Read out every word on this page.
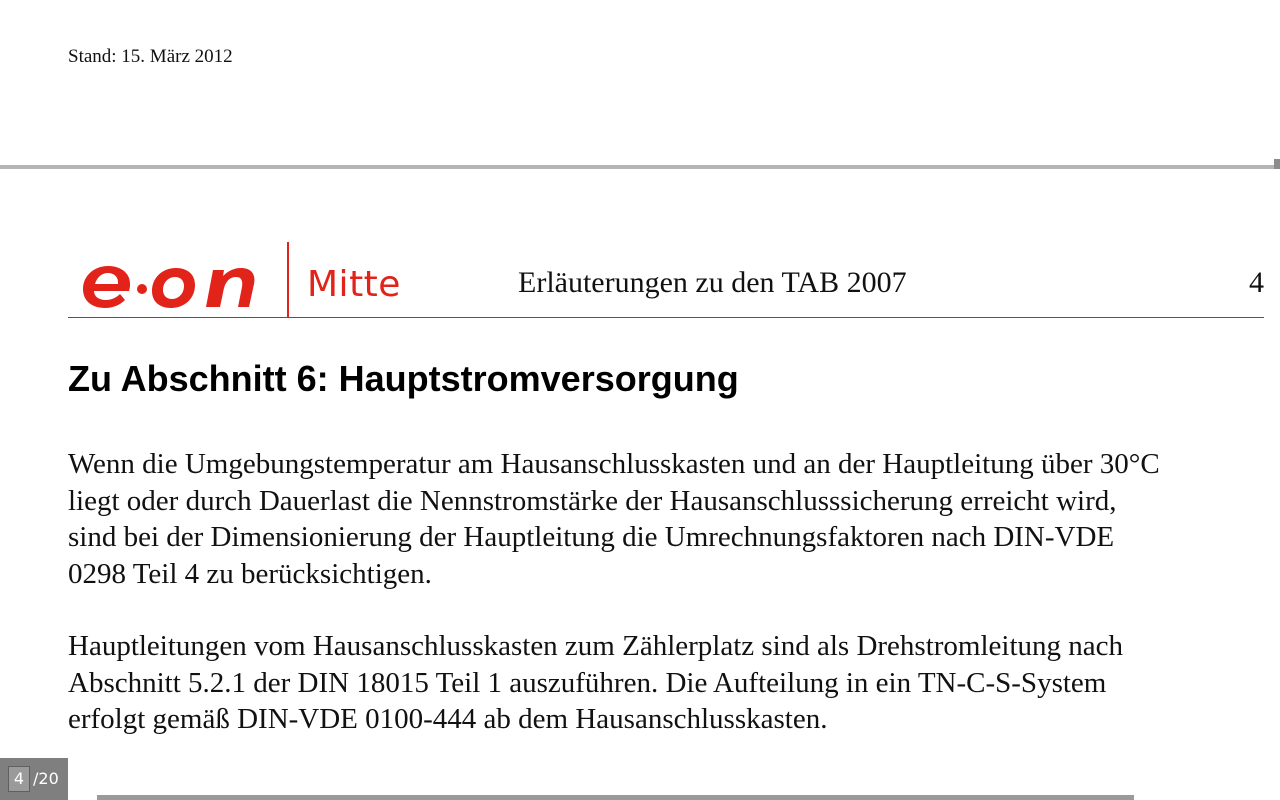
Stand: 15. März 2012
Mitte	Erläuterungen zu den TAB 2007	4
Zu Abschnitt 6: Hauptstromversorgung
Wenn die Umgebungstemperatur am Hausanschlusskasten und an der Hauptleitung über 30°C
liegt oder durch Dauerlast die Nennstromstärke der Hausanschlusssicherung erreicht wird,
sind bei der Dimensionierung der Hauptleitung die Umrechnungsfaktoren nach DIN-VDE
0298 Teil 4 zu berücksichtigen.
Hauptleitungen vom Hausanschlusskasten zum Zählerplatz sind als Drehstromleitung nach
Abschnitt 5.2.1 der DIN 18015 Teil 1 auszuführen. Die Aufteilung in ein TN-C-S-System
erfolgt gemäß DIN-VDE 0100-444 ab dem Hausanschlusskasten.
4 /20
